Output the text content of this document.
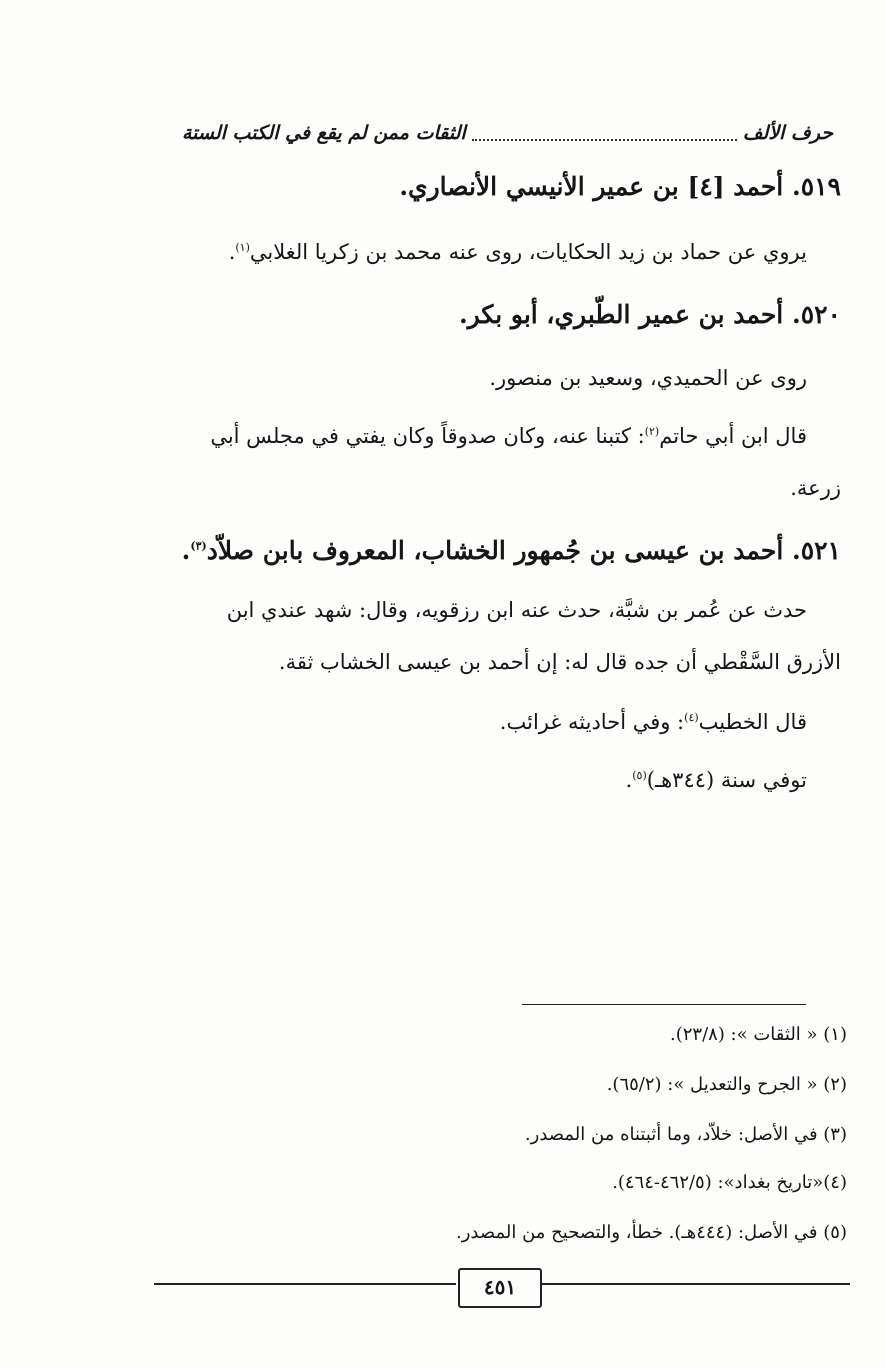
حرف الألف
الثقات ممن لم يقع في الكتب الستة
٥١٩. أحمد [٤] بن عمير الأنيسي الأنصاري.
يروي عن حماد بن زيد الحكايات، روى عنه محمد بن زكريا الغلابي$^{(١)}$.
٥٢٠. أحمد بن عمير الطّبري، أبو بكر.
روى عن الحميدي، وسعيد بن منصور.
قال ابن أبي حاتم$^{(٢)}$: كتبنا عنه، وكان صدوقاً وكان يفتي في مجلس أبي
زرعة.
٥٢١. أحمد بن عيسى بن جُمهور الخشاب، المعروف بابن صلاّد$^{(٣)}$.
حدث عن عُمر بن شبَّة، حدث عنه ابن رزقويه، وقال: شهد عندي ابن
الأزرق السَّقْطي أن جده قال له: إن أحمد بن عيسى الخشاب ثقة.
قال الخطيب$^{(٤)}$: وفي أحاديثه غرائب.
توفي سنة (٣٤٤هـ)$^{(٥)}$.
(١) « الثقات »: (٢٣/٨).
(٢) « الجرح والتعديل »: (٦٥/٢).
(٣) في الأصل: خلاّد، وما أثبتناه من المصدر.
(٤)«تاريخ بغداد»: (٤٦٢/٥-٤٦٤).
(٥) في الأصل: (٤٤٤هـ). خطأ، والتصحيح من المصدر.
٤٥١
